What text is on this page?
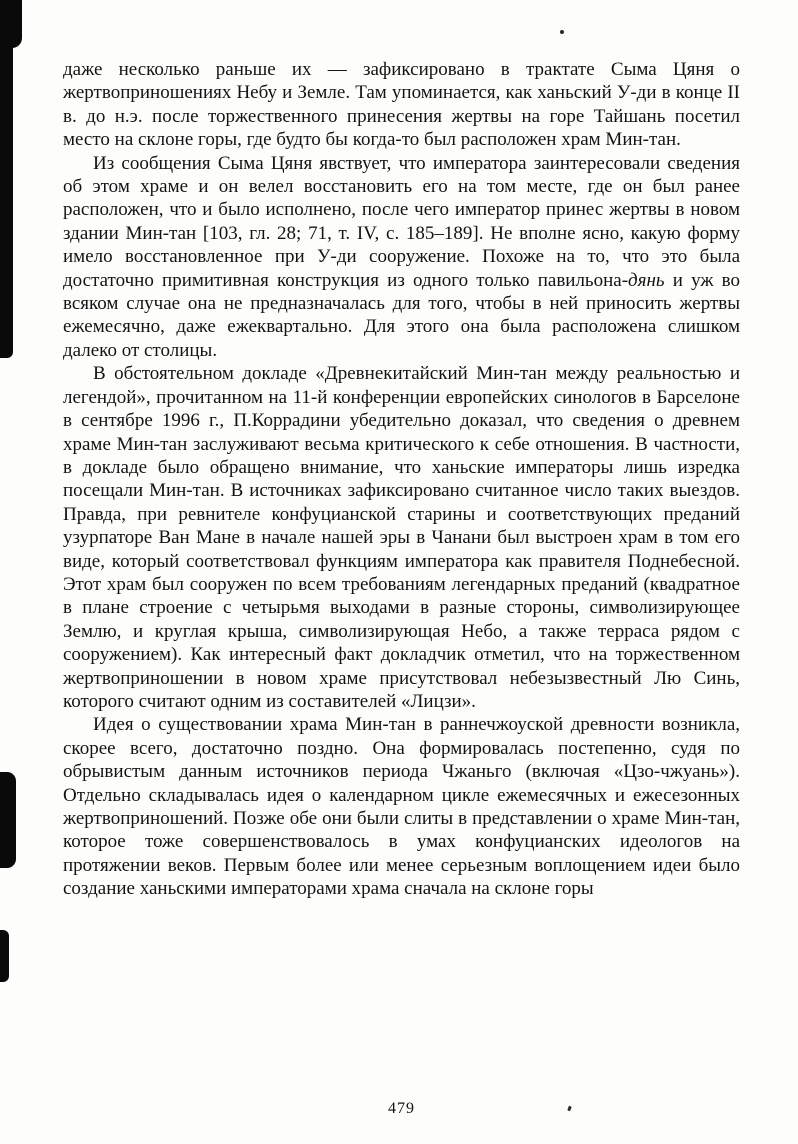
даже несколько раньше их — зафиксировано в трактате Сыма Цяня о жертвоприношениях Небу и Земле. Там упоминается, как ханьский У-ди в конце II в. до н.э. после торжественного принесения жертвы на горе Тайшань посетил место на склоне горы, где будто бы когда-то был расположен храм Мин-тан.

Из сообщения Сыма Цяня явствует, что императора заинтересовали сведения об этом храме и он велел восстановить его на том месте, где он был ранее расположен, что и было исполнено, после чего император принес жертвы в новом здании Мин-тан [103, гл. 28; 71, т. IV, с. 185–189]. Не вполне ясно, какую форму имело восстановленное при У-ди сооружение. Похоже на то, что это была достаточно примитивная конструкция из одного только павильона-дянь и уж во всяком случае она не предназначалась для того, чтобы в ней приносить жертвы ежемесячно, даже ежеквартально. Для этого она была расположена слишком далеко от столицы.

В обстоятельном докладе «Древнекитайский Мин-тан между реальностью и легендой», прочитанном на 11-й конференции европейских синологов в Барселоне в сентябре 1996 г., П.Коррадини убедительно доказал, что сведения о древнем храме Мин-тан заслуживают весьма критического к себе отношения. В частности, в докладе было обращено внимание, что ханьские императоры лишь изредка посещали Мин-тан. В источниках зафиксировано считанное число таких выездов. Правда, при ревнителе конфуцианской старины и соответствующих преданий узурпаторе Ван Мане в начале нашей эры в Чанани был выстроен храм в том его виде, который соответствовал функциям императора как правителя Поднебесной. Этот храм был сооружен по всем требованиям легендарных преданий (квадратное в плане строение с четырьмя выходами в разные стороны, символизирующее Землю, и круглая крыша, символизирующая Небо, а также терраса рядом с сооружением). Как интересный факт докладчик отметил, что на торжественном жертвоприношении в новом храме присутствовал небезызвестный Лю Синь, которого считают одним из составителей «Лицзи».

Идея о существовании храма Мин-тан в раннечжоуской древности возникла, скорее всего, достаточно поздно. Она формировалась постепенно, судя по обрывистым данным источников периода Чжаньго (включая «Цзо-чжуань»). Отдельно складывалась идея о календарном цикле ежемесячных и ежесезонных жертвоприношений. Позже обе они были слиты в представлении о храме Мин-тан, которое тоже совершенствовалось в умах конфуцианских идеологов на протяжении веков. Первым более или менее серьезным воплощением идеи было создание ханьскими императорами храма сначала на склоне горы

479
